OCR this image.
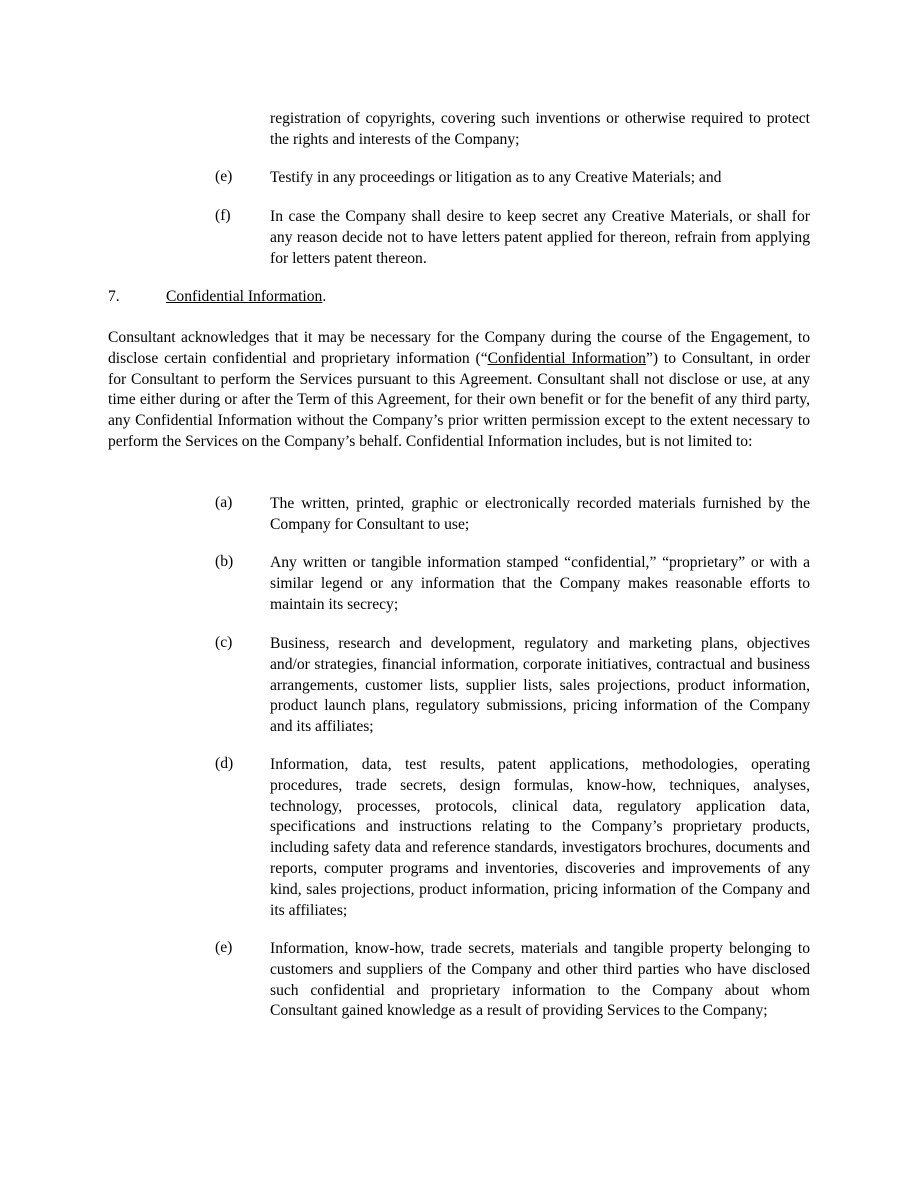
registration of copyrights, covering such inventions or otherwise required to protect the rights and interests of the Company;
(e) Testify in any proceedings or litigation as to any Creative Materials; and
(f)	In case the Company shall desire to keep secret any Creative Materials, or shall for any reason decide not to have letters patent applied for thereon, refrain from applying for letters patent thereon.
7.	Confidential Information.
Consultant acknowledges that it may be necessary for the Company during the course of the Engagement, to disclose certain confidential and proprietary information (“Confidential Information”) to Consultant, in order for Consultant to perform the Services pursuant to this Agreement. Consultant shall not disclose or use, at any time either during or after the Term of this Agreement, for their own benefit or for the benefit of any third party, any Confidential Information without the Company’s prior written permission except to the extent necessary to perform the Services on the Company’s behalf. Confidential Information includes, but is not limited to:
(a) The written, printed, graphic or electronically recorded materials furnished by the Company for Consultant to use;
(b) Any written or tangible information stamped “confidential,” “proprietary” or with a similar legend or any information that the Company makes reasonable efforts to maintain its secrecy;
(c) Business, research and development, regulatory and marketing plans, objectives and/or strategies, financial information, corporate initiatives, contractual and business arrangements, customer lists, supplier lists, sales projections, product information, product launch plans, regulatory submissions, pricing information of the Company and its affiliates;
(d) Information, data, test results, patent applications, methodologies, operating procedures, trade secrets, design formulas, know-how, techniques, analyses, technology, processes, protocols, clinical data, regulatory application data, specifications and instructions relating to the Company’s proprietary products, including safety data and reference standards, investigators brochures, documents and reports, computer programs and inventories, discoveries and improvements of any kind, sales projections, product information, pricing information of the Company and its affiliates;
(e) Information, know-how, trade secrets, materials and tangible property belonging to customers and suppliers of the Company and other third parties who have disclosed such confidential and proprietary information to the Company about whom Consultant gained knowledge as a result of providing Services to the Company;
